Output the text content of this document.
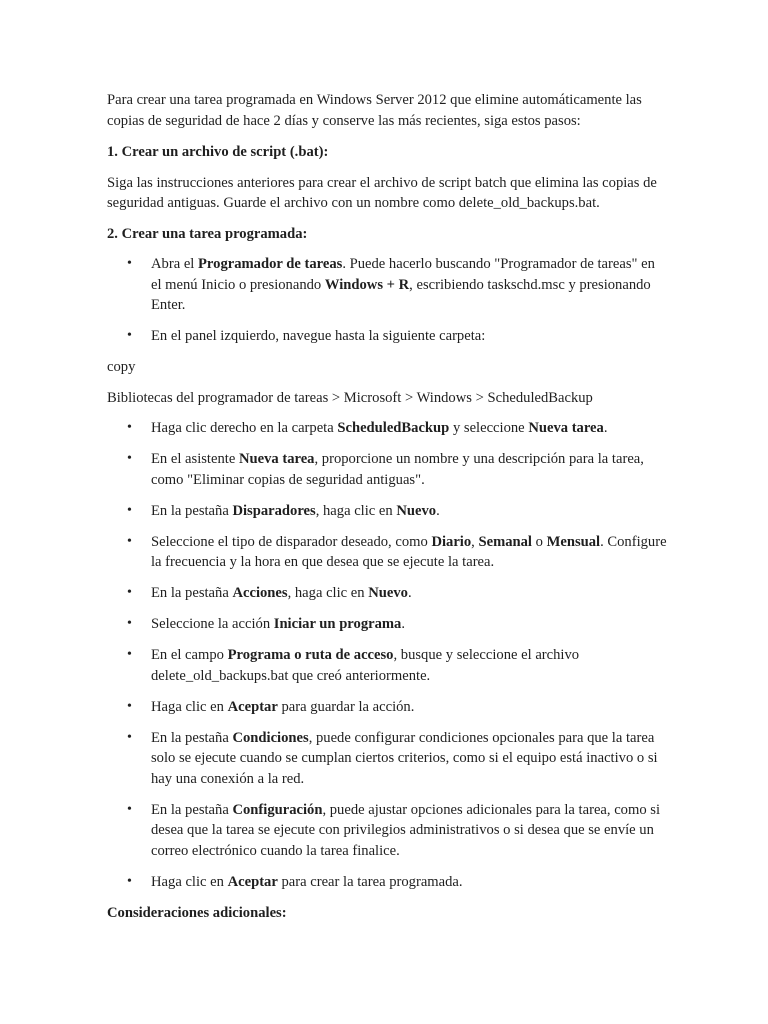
Para crear una tarea programada en Windows Server 2012 que elimine automáticamente las copias de seguridad de hace 2 días y conserve las más recientes, siga estos pasos:

1. Crear un archivo de script (.bat):

Siga las instrucciones anteriores para crear el archivo de script batch que elimina las copias de seguridad antiguas. Guarde el archivo con un nombre como delete_old_backups.bat.

2. Crear una tarea programada:

• Abra el Programador de tareas. Puede hacerlo buscando "Programador de tareas" en el menú Inicio o presionando Windows + R, escribiendo taskschd.msc y presionando Enter.
• En el panel izquierdo, navegue hasta la siguiente carpeta:

copy

Bibliotecas del programador de tareas > Microsoft > Windows > ScheduledBackup

• Haga clic derecho en la carpeta ScheduledBackup y seleccione Nueva tarea.
• En el asistente Nueva tarea, proporcione un nombre y una descripción para la tarea, como "Eliminar copias de seguridad antiguas".
• En la pestaña Disparadores, haga clic en Nuevo.
• Seleccione el tipo de disparador deseado, como Diario, Semanal o Mensual. Configure la frecuencia y la hora en que desea que se ejecute la tarea.
• En la pestaña Acciones, haga clic en Nuevo.
• Seleccione la acción Iniciar un programa.
• En el campo Programa o ruta de acceso, busque y seleccione el archivo delete_old_backups.bat que creó anteriormente.
• Haga clic en Aceptar para guardar la acción.
• En la pestaña Condiciones, puede configurar condiciones opcionales para que la tarea solo se ejecute cuando se cumplan ciertos criterios, como si el equipo está inactivo o si hay una conexión a la red.
• En la pestaña Configuración, puede ajustar opciones adicionales para la tarea, como si desea que la tarea se ejecute con privilegios administrativos o si desea que se envíe un correo electrónico cuando la tarea finalice.
• Haga clic en Aceptar para crear la tarea programada.

Consideraciones adicionales:
